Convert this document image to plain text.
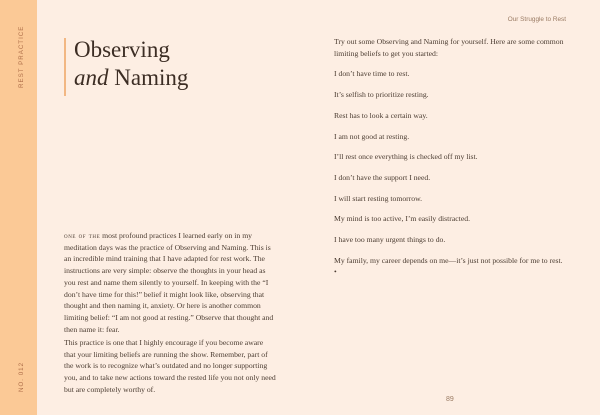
REST PRACTICE
NO. 012
Observing
and Naming
one of the most profound practices I learned early on in my meditation days was the practice of Observing and Naming. This is an incredible mind training that I have adapted for rest work. The instructions are very simple: observe the thoughts in your head as you rest and name them silently to yourself. In keeping with the “I don’t have time for this!” belief it might look like, observing that thought and then naming it, anxiety. Or here is another common limiting belief: “I am not good at resting.” Observe that thought and then name it: fear.
This practice is one that I highly encourage if you become aware that your limiting beliefs are running the show. Remember, part of the work is to recognize what’s outdated and no longer supporting you, and to take new actions toward the rested life you not only need but are completely worthy of.
Our Struggle to Rest

Try out some Observing and Naming for yourself. Here are some common limiting beliefs to get you started:

I don’t have time to rest.

It’s selfish to prioritize resting.

Rest has to look a certain way.

I am not good at resting.

I’ll rest once everything is checked off my list.

I don’t have the support I need.

I will start resting tomorrow.

My mind is too active, I’m easily distracted.

I have too many urgent things to do.

My family, my career depends on me—it’s just not possible for me to rest. •

89
